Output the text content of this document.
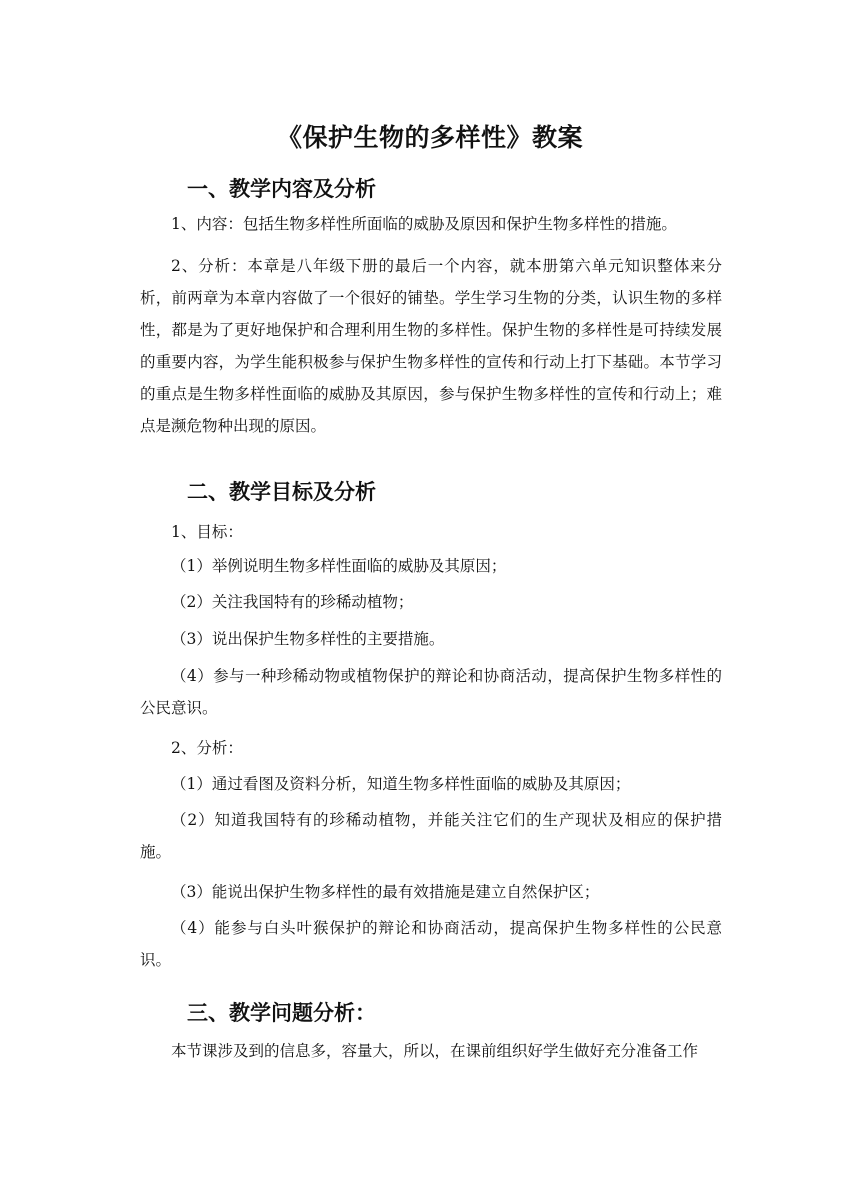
《保护生物的多样性》教案
一、教学内容及分析
1、内容：包括生物多样性所面临的威胁及原因和保护生物多样性的措施。
2、分析：本章是八年级下册的最后一个内容，就本册第六单元知识整体来分析，前两章为本章内容做了一个很好的铺垫。学生学习生物的分类，认识生物的多样性，都是为了更好地保护和合理利用生物的多样性。保护生物的多样性是可持续发展的重要内容，为学生能积极参与保护生物多样性的宣传和行动上打下基础。本节学习的重点是生物多样性面临的威胁及其原因，参与保护生物多样性的宣传和行动上；难点是濒危物种出现的原因。
二、教学目标及分析
1、目标：
（1）举例说明生物多样性面临的威胁及其原因；
（2）关注我国特有的珍稀动植物；
（3）说出保护生物多样性的主要措施。
（4）参与一种珍稀动物或植物保护的辩论和协商活动，提高保护生物多样性的公民意识。
2、分析：
（1）通过看图及资料分析，知道生物多样性面临的威胁及其原因；
（2）知道我国特有的珍稀动植物，并能关注它们的生产现状及相应的保护措施。
（3）能说出保护生物多样性的最有效措施是建立自然保护区；
（4）能参与白头叶猴保护的辩论和协商活动，提高保护生物多样性的公民意识。
三、教学问题分析：
本节课涉及到的信息多，容量大，所以，在课前组织好学生做好充分准备工作
